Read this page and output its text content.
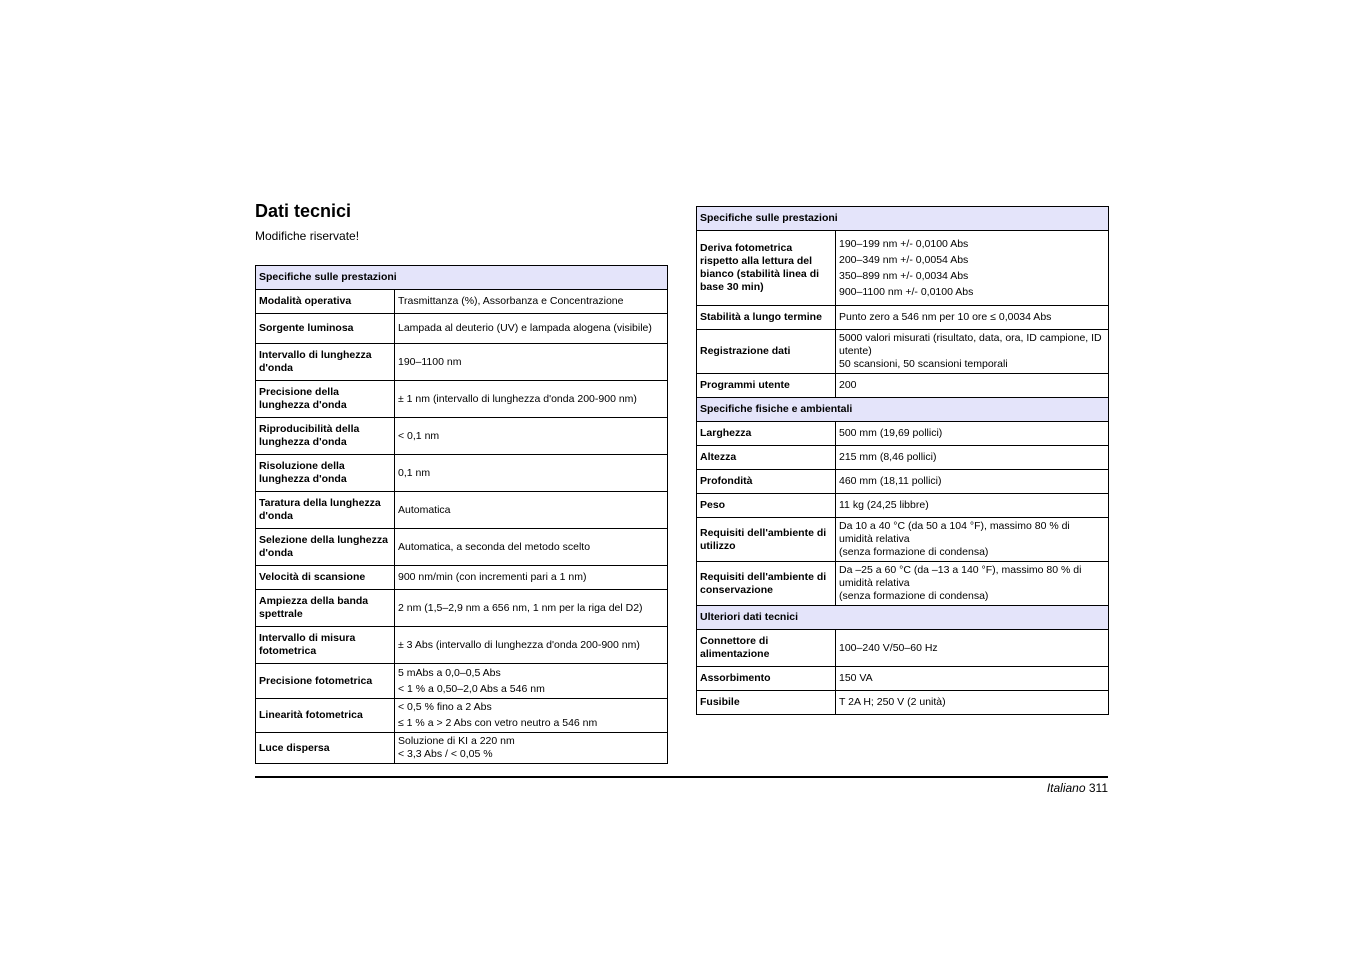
Dati tecnici
Modifiche riservate!
Specifiche sulle prestazioni	
Modalità operativa	Trasmittanza (%), Assorbanza e Concentrazione

Sorgente luminosa	Lampada al deuterio (UV) e lampada alogena (visibile)

Intervallo di lunghezza d'onda	190–1100 nm

Precisione della lunghezza d'onda	± 1 nm (intervallo di lunghezza d'onda 200-900 nm)

Riproducibilità della lunghezza d'onda	< 0,1 nm

Risoluzione della lunghezza d'onda	0,1 nm

Taratura della lunghezza d'onda	Automatica

Selezione della lunghezza d'onda	Automatica, a seconda del metodo scelto

Velocità di scansione	900 nm/min (con incrementi pari a 1 nm)

Ampiezza della banda spettrale	2 nm (1,5–2,9 nm a 656 nm, 1 nm per la riga del D2)

Intervallo di misura fotometrica	± 3 Abs (intervallo di lunghezza d'onda 200-900 nm)

Precisione fotometrica	5 mAbs a 0,0–0,5 Abs
< 1 % a 0,50–2,0 Abs a 546 nm

Linearità fotometrica	< 0,5 % fino a 2 Abs
≤ 1 % a > 2 Abs con vetro neutro a 546 nm

Luce dispersa	Soluzione di KI a 220 nm
< 3,3 Abs / < 0,05 %
Specifiche sulle prestazioni	
Deriva fotometrica rispetto alla lettura del bianco (stabilità linea di base 30 min)	190–199 nm +/- 0,0100 Abs
200–349 nm +/- 0,0054 Abs
350–899 nm +/- 0,0034 Abs
900–1100 nm +/- 0,0100 Abs

Stabilità a lungo termine	Punto zero a 546 nm per 10 ore ≤ 0,0034 Abs
Registrazione dati	5000 valori misurati (risultato, data, ora, ID campione, ID utente)
50 scansioni, 50 scansioni temporali

Programmi utente	200
Specifiche fisiche e ambientali	
Larghezza	500 mm (19,69 pollici)
Altezza	215 mm (8,46 pollici)
Profondità	460 mm (18,11 pollici)
Peso	11 kg (24,25 libbre)
Requisiti dell'ambiente di utilizzo	Da 10 a 40 °C (da 50 a 104 °F), massimo 80 % di umidità relativa
(senza formazione di condensa)

Requisiti dell'ambiente di conservazione	Da –25 a 60 °C (da –13 a 140 °F), massimo 80 % di umidità relativa
(senza formazione di condensa)

Ulteriori dati tecnici	
Connettore di alimentazione	100–240 V/50–60 Hz
Assorbimento	150 VA
Fusibile	T 2A H; 250 V (2 unità)
Italiano 311
